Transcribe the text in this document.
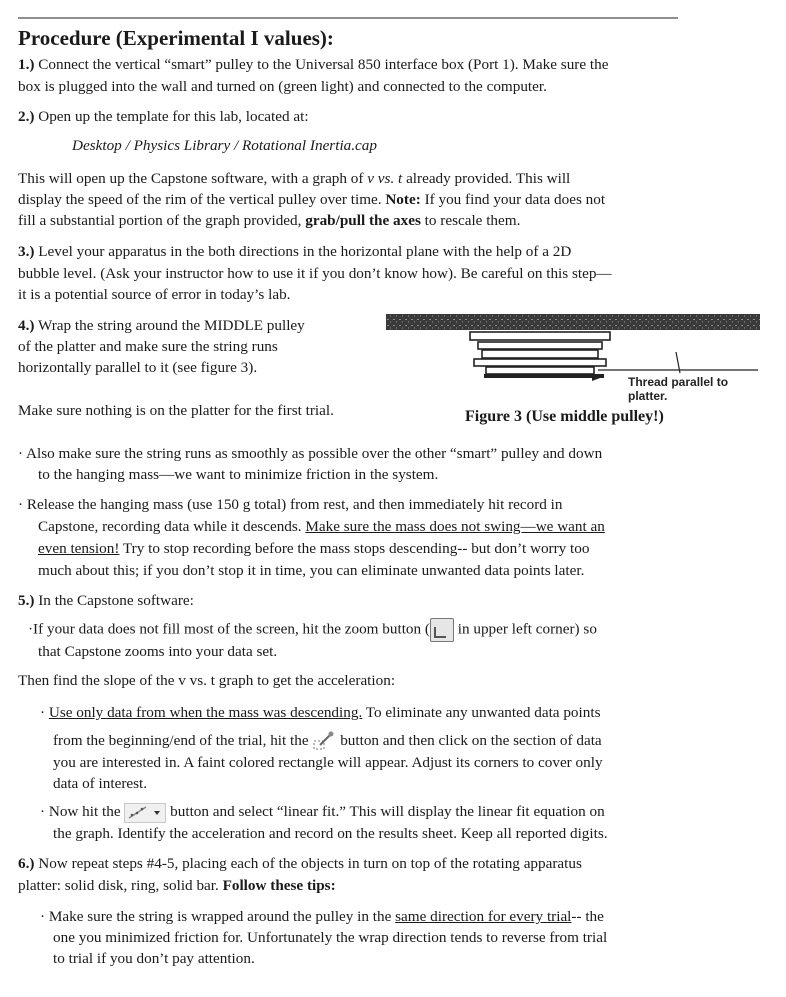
Procedure (Experimental I values):
1.) Connect the vertical “smart” pulley to the Universal 850 interface box (Port 1). Make sure the
box is plugged into the wall and turned on (green light) and connected to the computer.
2.) Open up the template for this lab, located at:
Desktop / Physics Library / Rotational Inertia.cap
This will open up the Capstone software, with a graph of v vs. t already provided. This will
display the speed of the rim of the vertical pulley over time. Note: If you find your data does not
fill a substantial portion of the graph provided, grab/pull the axes to rescale them.
3.) Level your apparatus in the both directions in the horizontal plane with the help of a 2D
bubble level. (Ask your instructor how to use it if you don’t know how). Be careful on this step—
it is a potential source of error in today’s lab.
4.) Wrap the string around the MIDDLE pulley
of the platter and make sure the string runs
horizontally parallel to it (see figure 3).
Make sure nothing is on the platter for the first trial.
Thread parallel to
platter.
Figure 3 (Use middle pulley!)
· Also make sure the string runs as smoothly as possible over the other “smart” pulley and down
to the hanging mass—we want to minimize friction in the system.
· Release the hanging mass (use 150 g total) from rest, and then immediately hit record in
Capstone, recording data while it descends. Make sure the mass does not swing—we want an
even tension! Try to stop recording before the mass stops descending-- but don’t worry too
much about this; if you don’t stop it in time, you can eliminate unwanted data points later.
5.) In the Capstone software:
·If your data does not fill most of the screen, hit the zoom button ( in upper left corner) so
that Capstone zooms into your data set.
Then find the slope of the v vs. t graph to get the acceleration:
· Use only data from when the mass was descending. To eliminate any unwanted data points
from the beginning/end of the trial, hit the  button and then click on the section of data
you are interested in. A faint colored rectangle will appear. Adjust its corners to cover only
data of interest.
· Now hit the	button and select “linear fit.” This will display the linear fit equation on
the graph. Identify the acceleration and record on the results sheet. Keep all reported digits.
6.) Now repeat steps #4-5, placing each of the objects in turn on top of the rotating apparatus
platter: solid disk, ring, solid bar. Follow these tips:
· Make sure the string is wrapped around the pulley in the same direction for every trial-- the
one you minimized friction for. Unfortunately the wrap direction tends to reverse from trial
to trial if you don’t pay attention.
